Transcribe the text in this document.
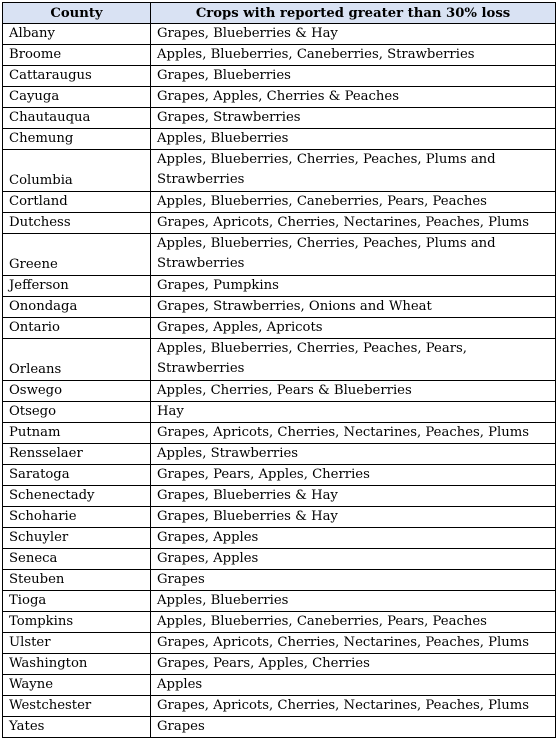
County	Crops with reported greater than 30% loss
Albany	Grapes, Blueberries & Hay
Broome	Apples, Blueberries, Caneberries, Strawberries
Cattaraugus	Grapes, Blueberries
Cayuga	Grapes, Apples, Cherries & Peaches
Chautauqua	Grapes, Strawberries
Chemung	Apples, Blueberries
Columbia	Apples, Blueberries, Cherries, Peaches, Plums and Strawberries
Cortland	Apples, Blueberries, Caneberries, Pears, Peaches
Dutchess	Grapes, Apricots, Cherries, Nectarines, Peaches, Plums
Greene	Apples, Blueberries, Cherries, Peaches, Plums and Strawberries
Jefferson	Grapes, Pumpkins
Onondaga	Grapes, Strawberries, Onions and Wheat
Ontario	Grapes, Apples, Apricots
Orleans	Apples, Blueberries, Cherries, Peaches, Pears, Strawberries
Oswego	Apples, Cherries, Pears & Blueberries
Otsego	Hay
Putnam	Grapes, Apricots, Cherries, Nectarines, Peaches, Plums
Rensselaer	Apples, Strawberries
Saratoga	Grapes, Pears, Apples, Cherries
Schenectady	Grapes, Blueberries & Hay
Schoharie	Grapes, Blueberries & Hay
Schuyler	Grapes, Apples
Seneca	Grapes, Apples
Steuben	Grapes
Tioga	Apples, Blueberries
Tompkins	Apples, Blueberries, Caneberries, Pears, Peaches
Ulster	Grapes, Apricots, Cherries, Nectarines, Peaches, Plums
Washington	Grapes, Pears, Apples, Cherries
Wayne	Apples
Westchester	Grapes, Apricots, Cherries, Nectarines, Peaches, Plums
Yates	Grapes
